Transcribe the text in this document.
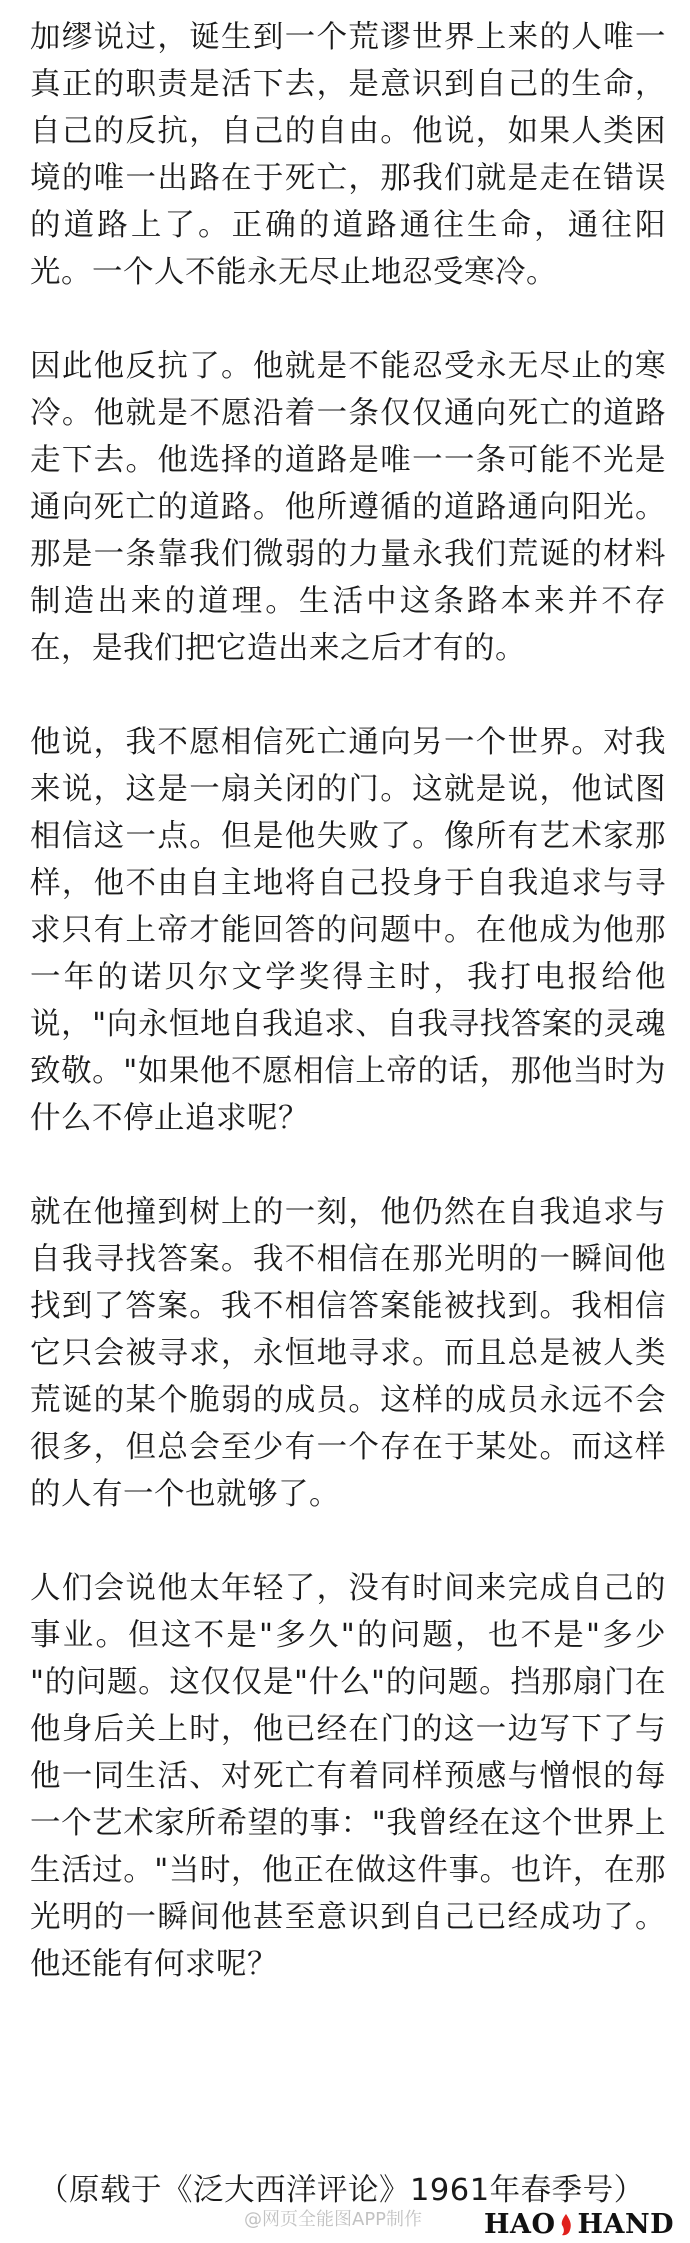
加缪说过，诞生到一个荒谬世界上来的人唯一真正的职责是活下去，是意识到自己的生命，自己的反抗，自己的自由。他说，如果人类困境的唯一出路在于死亡，那我们就是走在错误的道路上了。正确的道路通往生命，通往阳光。一个人不能永无尽止地忍受寒冷。

因此他反抗了。他就是不能忍受永无尽止的寒冷。他就是不愿沿着一条仅仅通向死亡的道路走下去。他选择的道路是唯一一条可能不光是通向死亡的道路。他所遵循的道路通向阳光。那是一条靠我们微弱的力量永我们荒诞的材料制造出来的道理。生活中这条路本来并不存在，是我们把它造出来之后才有的。

他说，我不愿相信死亡通向另一个世界。对我来说，这是一扇关闭的门。这就是说，他试图相信这一点。但是他失败了。像所有艺术家那样，他不由自主地将自己投身于自我追求与寻求只有上帝才能回答的问题中。在他成为他那一年的诺贝尔文学奖得主时，我打电报给他说，"向永恒地自我追求、自我寻找答案的灵魂致敬。"如果他不愿相信上帝的话，那他当时为什么不停止追求呢？

就在他撞到树上的一刻，他仍然在自我追求与自我寻找答案。我不相信在那光明的一瞬间他找到了答案。我不相信答案能被找到。我相信它只会被寻求，永恒地寻求。而且总是被人类荒诞的某个脆弱的成员。这样的成员永远不会很多，但总会至少有一个存在于某处。而这样的人有一个也就够了。

人们会说他太年轻了，没有时间来完成自己的事业。但这不是"多久"的问题，也不是"多少 "的问题。这仅仅是"什么"的问题。挡那扇门在他身后关上时，他已经在门的这一边写下了与他一同生活、对死亡有着同样预感与憎恨的每一个艺术家所希望的事："我曾经在这个世界上生活过。"当时，他正在做这件事。也许，在那光明的一瞬间他甚至意识到自己已经成功了。他还能有何求呢？

（原载于《泛大西洋评论》1961年春季号）
@网页全能图APP制作 HAO HAND
